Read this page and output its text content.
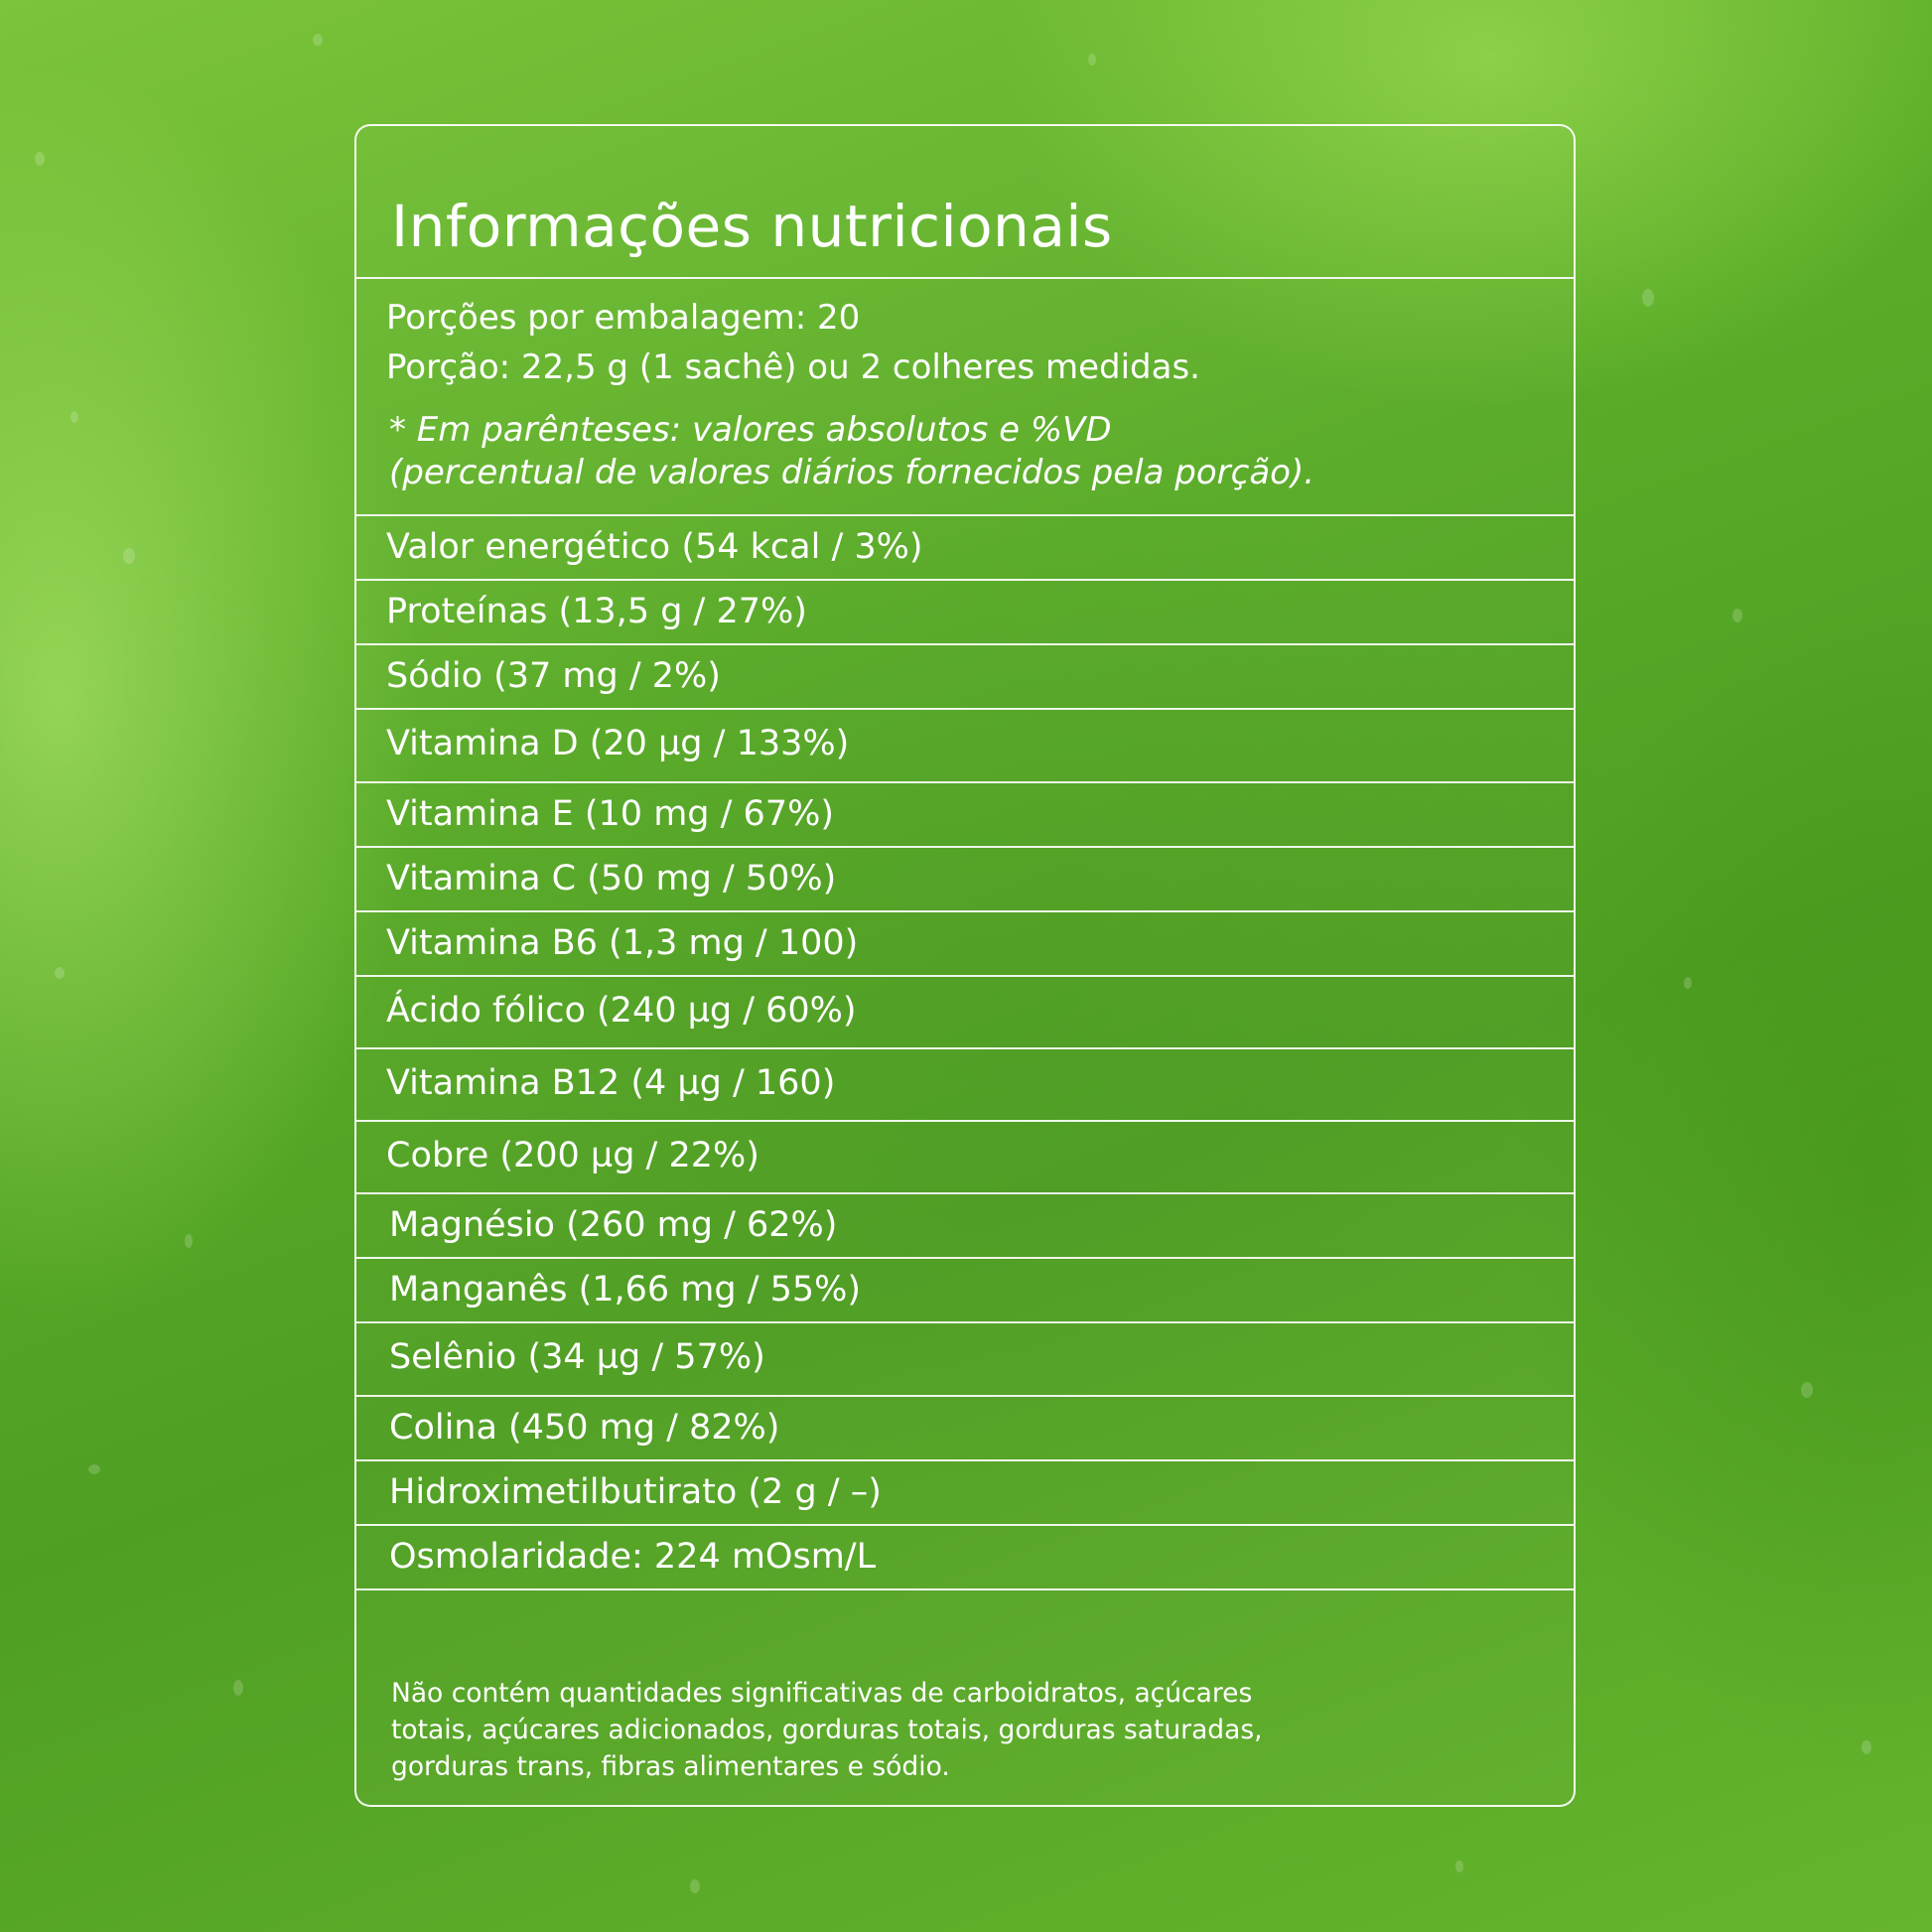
Informações nutricionais
Porções por embalagem: 20
Porção: 22,5 g (1 sachê) ou 2 colheres medidas.
* Em parênteses: valores absolutos e %VD
(percentual de valores diários fornecidos pela porção).
Valor energético (54 kcal / 3%)
Proteínas (13,5 g / 27%)
Sódio (37 mg / 2%)
Vitamina D (20 µg / 133%)
Vitamina E (10 mg / 67%)
Vitamina C (50 mg / 50%)
Vitamina B6 (1,3 mg / 100)
Ácido fólico (240 µg / 60%)
Vitamina B12 (4 µg / 160)
Cobre (200 µg / 22%)
Magnésio (260 mg / 62%)
Manganês (1,66 mg / 55%)
Selênio (34 µg / 57%)
Colina (450 mg / 82%)
Hidroximetilbutirato (2 g / –)
Osmolaridade: 224 mOsm/L
Não contém quantidades significativas de carboidratos, açúcares
totais, açúcares adicionados, gorduras totais, gorduras saturadas,
gorduras trans, fibras alimentares e sódio.
